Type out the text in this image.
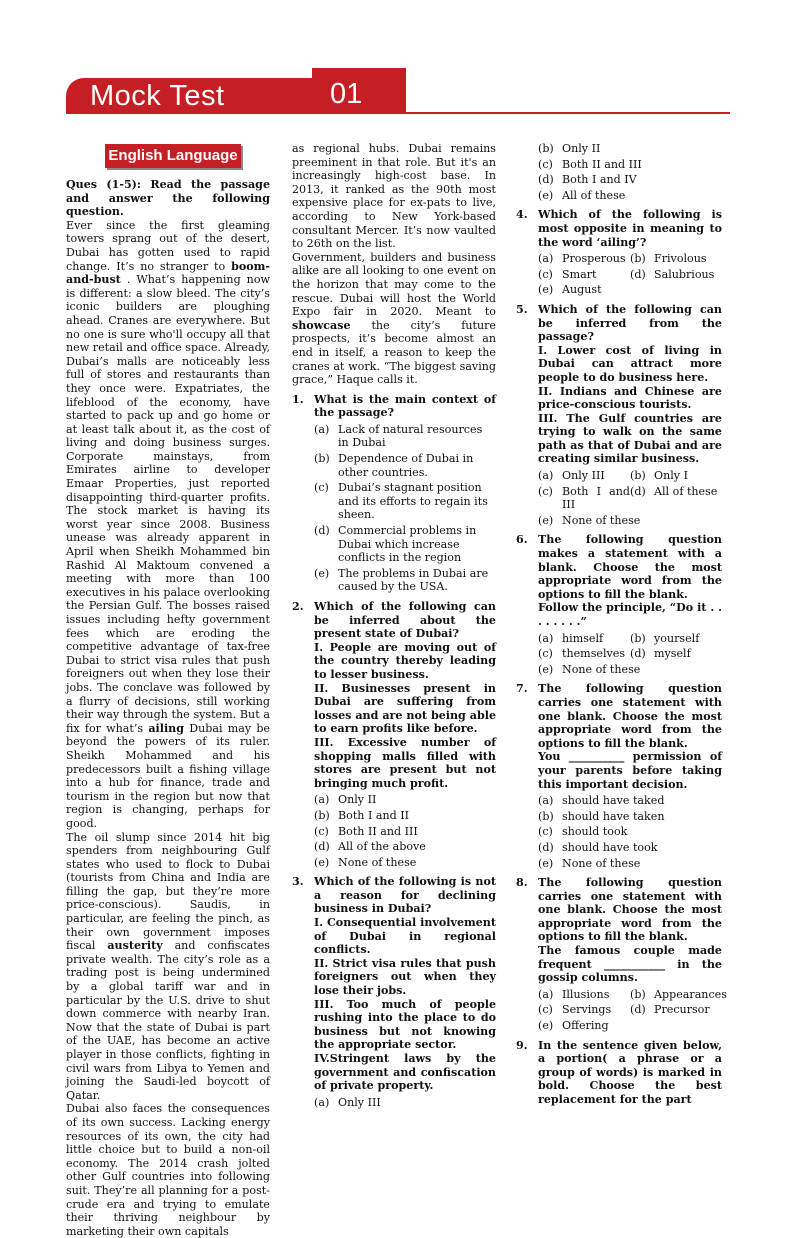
Mock Test	01
English Language
Ques (1-5): Read the passage and answer the following question.
Ever since the first gleaming towers sprang out of the desert, Dubai has gotten used to rapid change. It’s no stranger to boom-and-bust . What’s happening now is different: a slow bleed. The city’s iconic builders are ploughing ahead. Cranes are everywhere. But no one is sure who'll occupy all that new retail and office space. Already, Dubai’s malls are noticeably less full of stores and restaurants than they once were. Expatriates, the lifeblood of the economy, have started to pack up and go home or at least talk about it, as the cost of living and doing business surges. Corporate mainstays, from Emirates airline to developer Emaar Properties, just reported disappointing third-quarter profits. The stock market is having its worst year since 2008. Business unease was already apparent in April when Sheikh Mohammed bin Rashid Al Maktoum convened a meeting with more than 100 executives in his palace overlooking the Persian Gulf. The bosses raised issues including hefty government fees which are eroding the competitive advantage of tax-free Dubai to strict visa rules that push foreigners out when they lose their jobs. The conclave was followed by a flurry of decisions, still working their way through the system. But a fix for what’s ailing Dubai may be beyond the powers of its ruler. Sheikh Mohammed and his predecessors built a fishing village into a hub for finance, trade and tourism in the region but now that region is changing, perhaps for good.
The oil slump since 2014 hit big spenders from neighbouring Gulf states who used to flock to Dubai (tourists from China and India are filling the gap, but they’re more price-conscious). Saudis, in particular, are feeling the pinch, as their own government imposes fiscal austerity and confiscates private wealth. The city’s role as a trading post is being undermined by a global tariff war and in particular by the U.S. drive to shut down commerce with nearby Iran. Now that the state of Dubai is part of the UAE, has become an active player in those conflicts, fighting in civil wars from Libya to Yemen and joining the Saudi-led boycott of Qatar.
Dubai also faces the consequences of its own success. Lacking energy resources of its own, the city had little choice but to build a non-oil economy. The 2014 crash jolted other Gulf countries into following suit. They’re all planning for a post-crude era and trying to emulate their thriving neighbour by marketing their own capitals
as regional hubs. Dubai remains preeminent in that role. But it's an increasingly high-cost base. In 2013, it ranked as the 90th most expensive place for ex-pats to live, according to New York-based consultant Mercer. It’s now vaulted to 26th on the list.
Government, builders and business alike are all looking to one event on the horizon that may come to the rescue. Dubai will host the World Expo fair in 2020. Meant to showcase the city’s future prospects, it’s become almost an end in itself, a reason to keep the cranes at work. “The biggest saving grace,” Haque calls it.
1. What is the main context of the passage?
(a) Lack of natural resources in Dubai
(b) Dependence of Dubai in other countries.
(c) Dubai’s stagnant position and its efforts to regain its sheen.
(d) Commercial problems in Dubai which increase conflicts in the region
(e) The problems in Dubai are caused by the USA.
2. Which of the following can be inferred about the present state of Dubai?
I. People are moving out of the country thereby leading to lesser business.
II. Businesses present in Dubai are suffering from losses and are not being able to earn profits like before.
III. Excessive number of shopping malls filled with stores are present but not bringing much profit.
(a) Only II
(b) Both I and II
(c) Both II and III
(d) All of the above
(e) None of these
3. Which of the following is not a reason for declining business in Dubai?
I. Consequential involvement of Dubai in regional conflicts.
II. Strict visa rules that push foreigners out when they lose their jobs.
III. Too much of people rushing into the place to do business but not knowing the appropriate sector.
IV.Stringent laws by the government and confiscation of private property.
(a) Only III
(b) Only II
(c) Both II and III
(d) Both I and IV
(e) All of these
4. Which of the following is most opposite in meaning to the word ‘ailing’?
(a) Prosperous (b) Frivolous
(c) Smart	(d) Salubrious
(e) August
5. Which of the following can be inferred from the passage?
I. Lower cost of living in Dubai can attract more people to do business here.
II. Indians and Chinese are price-conscious tourists.
III. The Gulf countries are trying to walk on the same path as that of Dubai and are creating similar business.
(a) Only III (b) Only I
(c) Both I and III
(d) All of these
(e) None of these
6. The following question makes a statement with a blank. Choose the most appropriate word from the options to fill the blank.
Follow the principle, “Do it . . . . . . . .”
(a) himself (b) yourself
(c) themselves (d) myself
(e) None of these
7. The following question carries one statement with one blank. Choose the most appropriate word from the options to fill the blank.
You __________ permission of your parents before taking this important decision.
(a) should have taked
(b) should have taken
(c) should took
(d) should have took
(e) None of these
8. The following question carries one statement with one blank. Choose the most appropriate word from the options to fill the blank.
The famous couple made frequent ___________ in the gossip columns.
(a) Illusions (b) Appearances
(c) Servings (d) Precursor
(e) Offering
9. In the sentence given below, a portion( a phrase or a group of words) is marked in bold. Choose the best replacement for the part
